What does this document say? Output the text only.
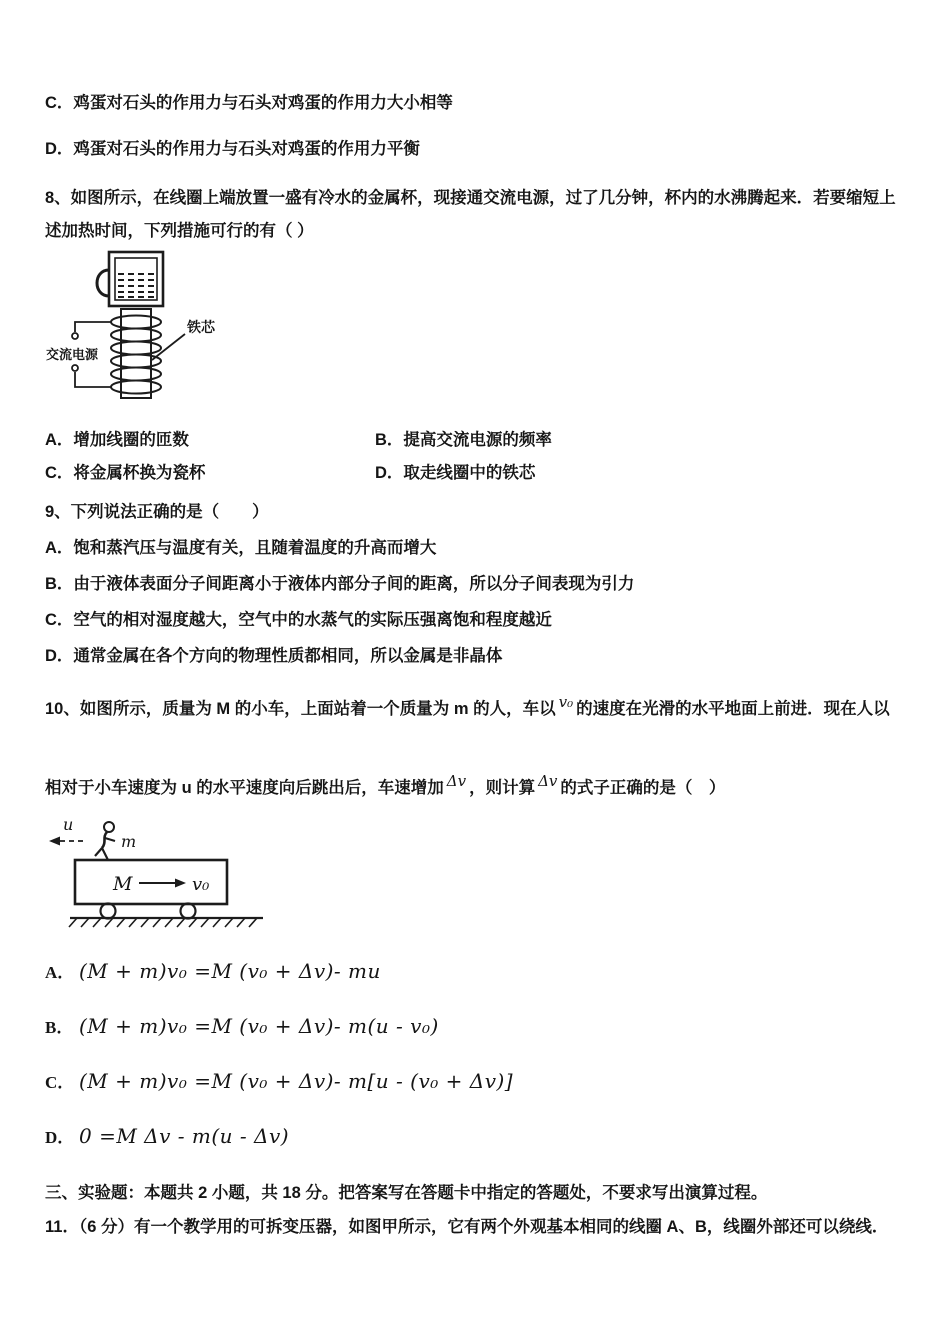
C．鸡蛋对石头的作用力与石头对鸡蛋的作用力大小相等

D．鸡蛋对石头的作用力与石头对鸡蛋的作用力平衡

8、如图所示，在线圈上端放置一盛有冷水的金属杯，现接通交流电源，过了几分钟，杯内的水沸腾起来．若要缩短上

述加热时间，下列措施可行的有（ ）

交流电源
铁芯

A．增加线圈的匝数	B．提高交流电源的频率

C．将金属杯换为瓷杯	D．取走线圈中的铁芯

9、下列说法正确的是（　　）

A．饱和蒸汽压与温度有关，且随着温度的升高而增大

B．由于液体表面分子间距离小于液体内部分子间的距离，所以分子间表现为引力

C．空气的相对湿度越大，空气中的水蒸气的实际压强离饱和程度越近

D．通常金属在各个方向的物理性质都相同，所以金属是非晶体

10、如图所示，质量为 M 的小车，上面站着一个质量为 m 的人，车以 v₀ 的速度在光滑的水平地面上前进．现在人以

相对于小车速度为 u 的水平速度向后跳出后，车速增加 Δv ，则计算 Δv 的式子正确的是（　）

u
m
M	v₀
A． (M + m)v₀ =M (v₀ + Δv)- mu
B． (M + m)v₀ =M (v₀ + Δv)- m(u - v₀)
C． (M + m)v₀ =M (v₀ + Δv)- m[u - (v₀ + Δv)]
D． 0 =M Δv - m(u - Δv)

三、实验题：本题共 2 小题，共 18 分。把答案写在答题卡中指定的答题处，不要求写出演算过程。

11．（6 分）有一个教学用的可拆变压器，如图甲所示，它有两个外观基本相同的线圈 A、B，线圈外部还可以绕线．
